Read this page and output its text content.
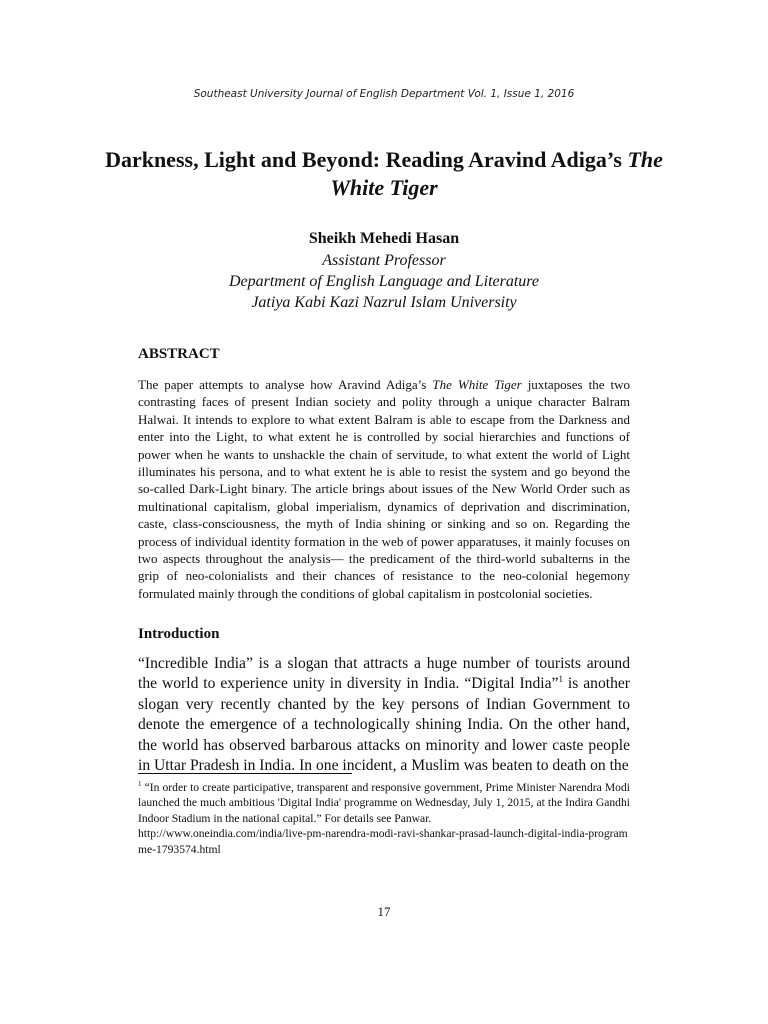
Southeast University Journal of English Department Vol. 1, Issue 1, 2016
Darkness, Light and Beyond: Reading Aravind Adiga’s The White Tiger
Sheikh Mehedi Hasan
Assistant Professor
Department of English Language and Literature
Jatiya Kabi Kazi Nazrul Islam University
ABSTRACT
The paper attempts to analyse how Aravind Adiga’s The White Tiger juxtaposes the two contrasting faces of present Indian society and polity through a unique character Balram Halwai. It intends to explore to what extent Balram is able to escape from the Darkness and enter into the Light, to what extent he is controlled by social hierarchies and functions of power when he wants to unshackle the chain of servitude, to what extent the world of Light illuminates his persona, and to what extent he is able to resist the system and go beyond the so-called Dark-Light binary. The article brings about issues of the New World Order such as multinational capitalism, global imperialism, dynamics of deprivation and discrimination, caste, class-consciousness, the myth of India shining or sinking and so on. Regarding the process of individual identity formation in the web of power apparatuses, it mainly focuses on two aspects throughout the analysis— the predicament of the third-world subalterns in the grip of neo-colonialists and their chances of resistance to the neo-colonial hegemony formulated mainly through the conditions of global capitalism in postcolonial societies.
Introduction
“Incredible India” is a slogan that attracts a huge number of tourists around the world to experience unity in diversity in India. “Digital India”$^1$ is another slogan very recently chanted by the key persons of Indian Government to denote the emergence of a technologically shining India. On the other hand, the world has observed barbarous attacks on minority and lower caste people in Uttar Pradesh in India. In one incident, a Muslim was beaten to death on the
$^1$ “In order to create participative, transparent and responsive government, Prime Minister Narendra Modi launched the much ambitious 'Digital India' programme on Wednesday, July 1, 2015, at the Indira Gandhi Indoor Stadium in the national capital.” For details see Panwar.
http://www.oneindia.com/india/live-pm-narendra-modi-ravi-shankar-prasad-launch-digital-india-programme-1793574.html
17
